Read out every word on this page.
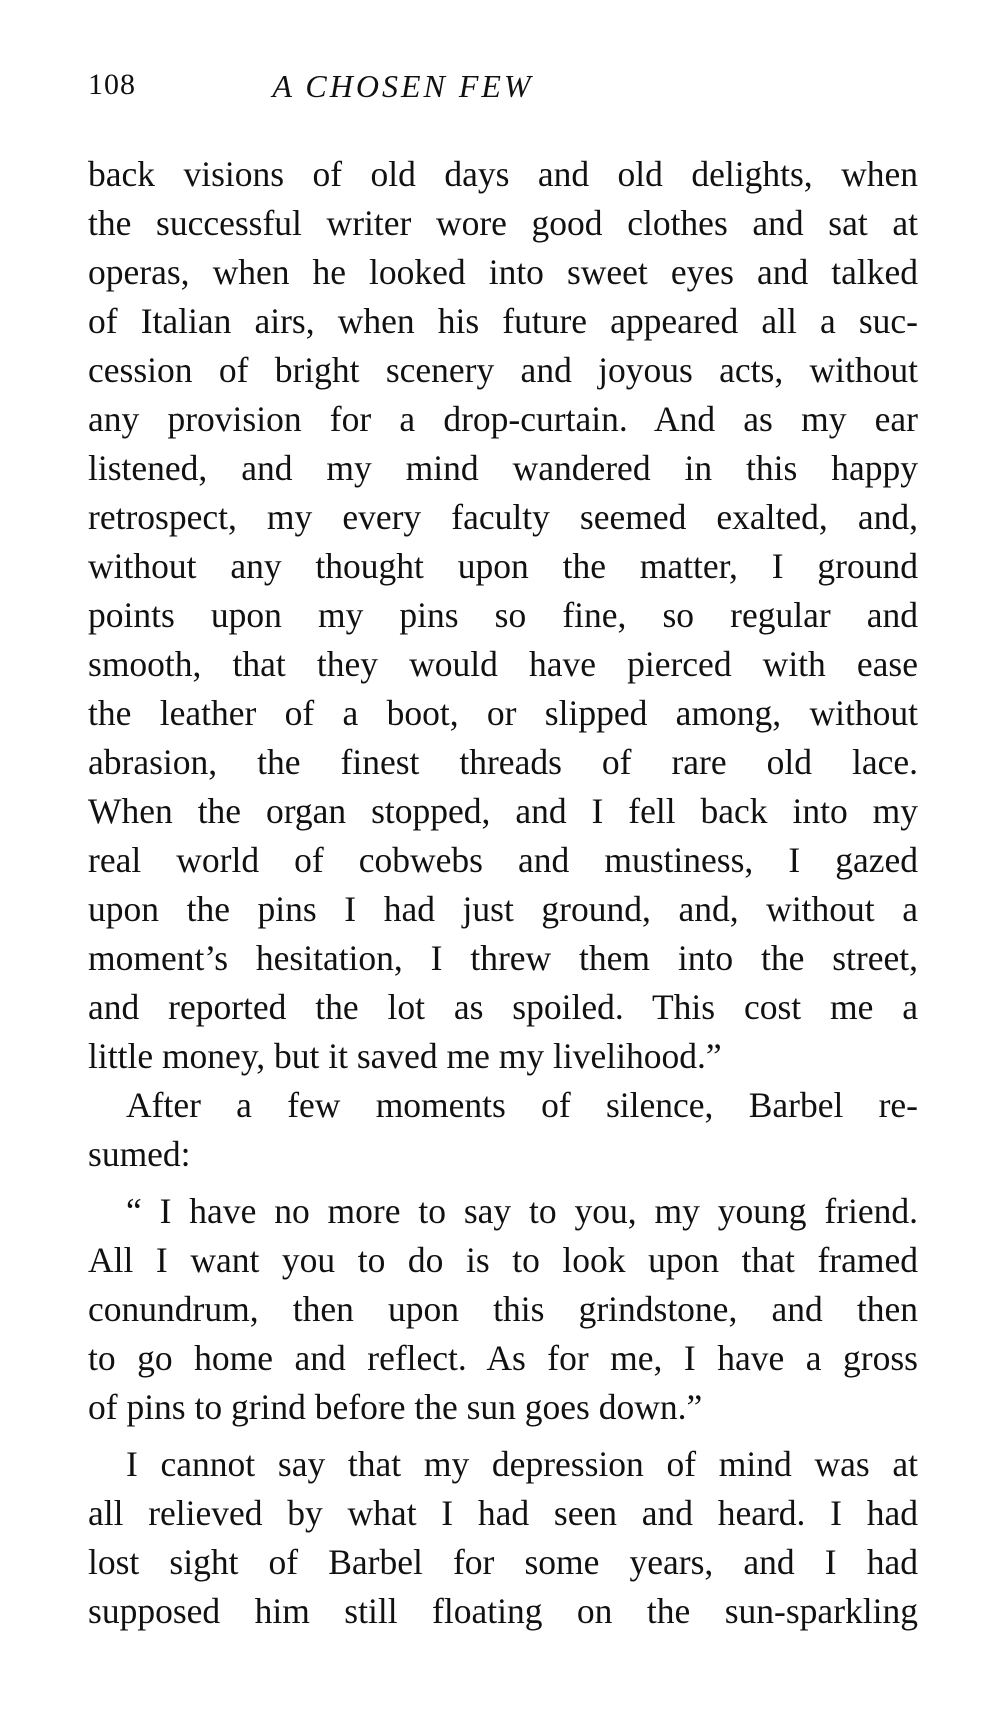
108	A CHOSEN FEW
back visions of old days and old delights, when
the successful writer wore good clothes and sat at
operas, when he looked into sweet eyes and talked
of Italian airs, when his future appeared all a suc-
cession of bright scenery and joyous acts, without
any provision for a drop-curtain. And as my ear
listened, and my mind wandered in this happy
retrospect, my every faculty seemed exalted, and,
without any thought upon the matter, I ground
points upon my pins so fine, so regular and
smooth, that they would have pierced with ease
the leather of a boot, or slipped among, without
abrasion, the finest threads of rare old lace.
When the organ stopped, and I fell back into my
real world of cobwebs and mustiness, I gazed
upon the pins I had just ground, and, without a
moment’s hesitation, I threw them into the street,
and reported the lot as spoiled. This cost me a
little money, but it saved me my livelihood.”
After a few moments of silence, Barbel re-
sumed:
“ I have no more to say to you, my young friend.
All I want you to do is to look upon that framed
conundrum, then upon this grindstone, and then
to go home and reflect. As for me, I have a gross
of pins to grind before the sun goes down.”
I cannot say that my depression of mind was at
all relieved by what I had seen and heard. I had
lost sight of Barbel for some years, and I had
supposed him still floating on the sun-sparkling
